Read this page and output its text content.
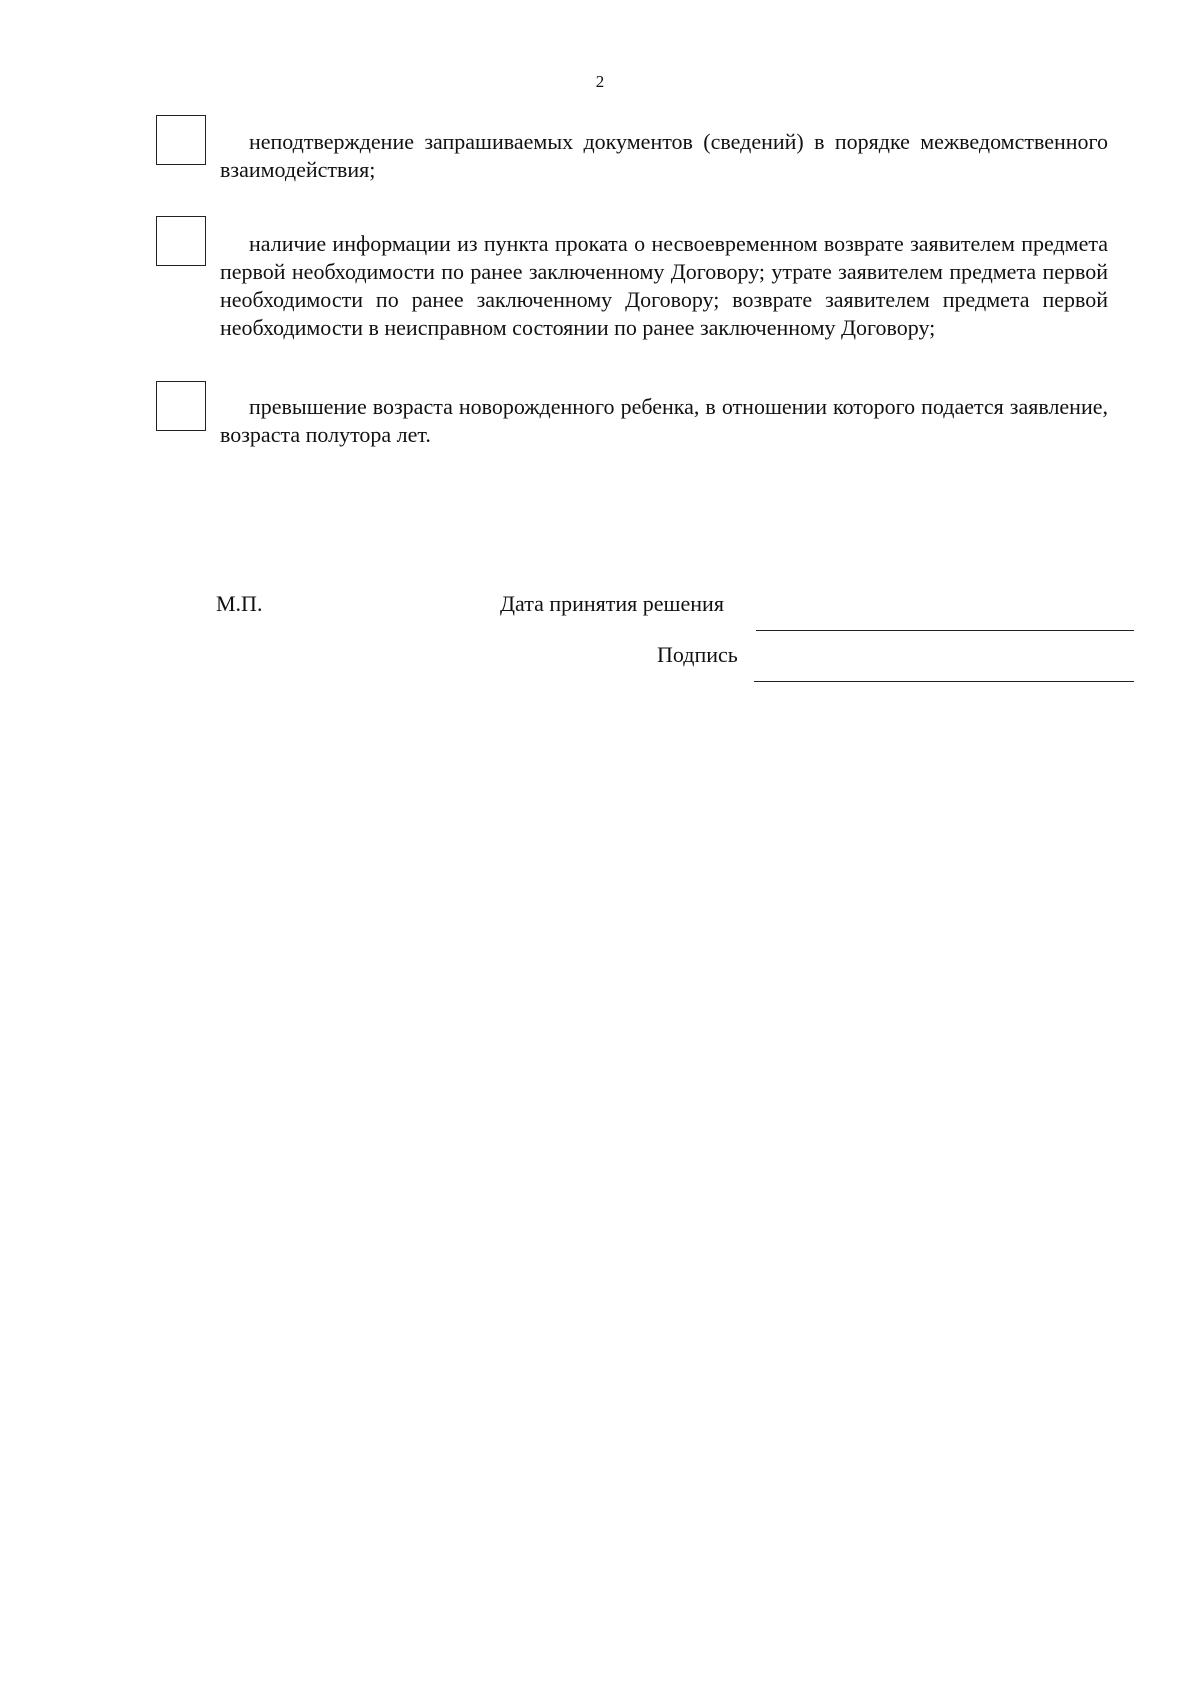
2

неподтверждение запрашиваемых документов (сведений) в порядке межведомственного взаимодействия;

наличие информации из пункта проката о несвоевременном возврате заявителем предмета первой необходимости по ранее заключенному Договору; утрате заявителем предмета первой необходимости по ранее заключенному Договору; возврате заявителем предмета первой необходимости в неисправном состоянии по ранее заключенному Договору;

превышение возраста новорожденного ребенка, в отношении которого подается заявление, возраста полутора лет.

М.П.	Дата принятия решения
Подпись
